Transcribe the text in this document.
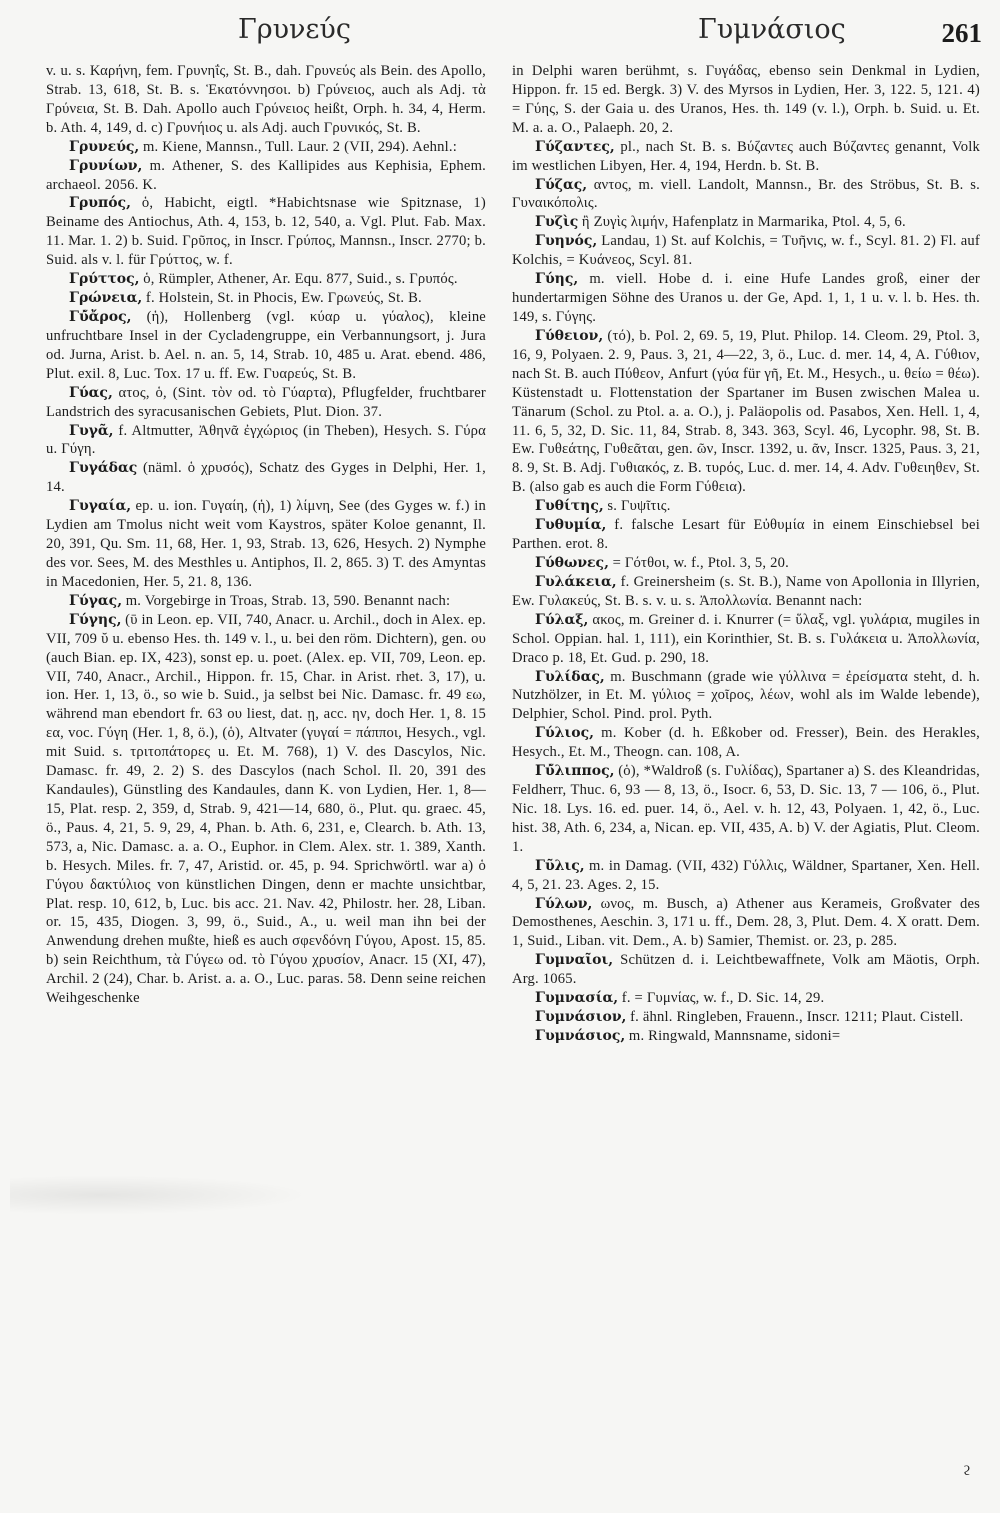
Γρυνεύς	Γυμνάσιος	261

v. u. s. Καρήνη, fem. Γρυνηΐς, St. B., dah. Γρυνεύς als Bein. des Apollo, Strab. 13, 618, St. B. s. Ἑκατόννησοι. b) Γρύνειος, auch als Adj. τὰ Γρύνεια, St. B. Dah. Apollo auch Γρύνειος heißt, Orph. h. 34, 4, Herm. b. Ath. 4, 149, d. c) Γρυνήιος u. als Adj. auch Γρυνικός, St. B.

Γρυνεύς, m. Kiene, Mannsn., Tull. Laur. 2 (VII, 294). Aehnl.:

Γρυνίων, m. Athener, S. des Kallipides aus Kephisia, Ephem. archaeol. 2056. K.

Γρυπός, ὁ, Habicht, eigtl. *Habichtsnase wie Spitznase, 1) Beiname des Antiochus, Ath. 4, 153, b. 12, 540, a. Vgl. Plut. Fab. Max. 11. Mar. 1. 2) b. Suid. Γρῦπος, in Inscr. Γρύπος, Mannsn., Inscr. 2770; b. Suid. als v. l. für Γρύττος, w. f.

Γρύττος, ὁ, Rümpler, Athener, Ar. Equ. 877, Suid., s. Γρυπός.

Γρώνεια, f. Holstein, St. in Phocis, Ew. Γρωνεύς, St. B.

Γύ̆ἄρος, (ἡ), Hollenberg (vgl. κύαρ u. γύαλος), kleine unfruchtbare Insel in der Cycladengruppe, ein Verbannungsort, j. Jura od. Jurna, Arist. b. Ael. n. an. 5, 14, Strab. 10, 485 u. Arat. ebend. 486, Plut. exil. 8, Luc. Tox. 17 u. ff. Ew. Γυαρεύς, St. B.

Γύας, ατος, ὁ, (Sint. τὸν od. τὸ Γύαρτα), Pflugfelder, fruchtbarer Landstrich des syracusanischen Gebiets, Plut. Dion. 37.

Γυγᾶ, f. Altmutter, Ἀθηνᾶ ἐγχώριος (in Theben), Hesych. S. Γύρα u. Γύγη.

Γυγάδας (näml. ὁ χρυσός), Schatz des Gyges in Delphi, Her. 1, 14.

Γυγαία, ep. u. ion. Γυγαίη, (ἡ), 1) λίμνη, See (des Gyges w. f.) in Lydien am Tmolus nicht weit vom Kaystros, später Koloe genannt, Il. 20, 391, Qu. Sm. 11, 68, Her. 1, 93, Strab. 13, 626, Hesych. 2) Nymphe des vor. Sees, M. des Mesthles u. Antiphos, Il. 2, 865. 3) T. des Amyntas in Macedonien, Her. 5, 21. 8, 136.

Γύγας, m. Vorgebirge in Troas, Strab. 13, 590. Benannt nach:

Γύγης, (ῡ in Leon. ep. VII, 740, Anacr. u. Archil., doch in Alex. ep. VII, 709 ῠ u. ebenso Hes. th. 149 v. l., u. bei den röm. Dichtern), gen. ου (auch Bian. ep. IX, 423), sonst ep. u. poet. (Alex. ep. VII, 709, Leon. ep. VII, 740, Anacr., Archil., Hippon. fr. 15, Char. in Arist. rhet. 3, 17), u. ion. Her. 1, 13, ö., so wie b. Suid., ja selbst bei Nic. Damasc. fr. 49 εω, während man ebendort fr. 63 ου liest, dat. ῃ, acc. ην, doch Her. 1, 8. 15 εα, voc. Γύγη (Her. 1, 8, ö.), (ὁ), Altvater (γυγαί = πάπποι, Hesych., vgl. mit Suid. s. τριτοπάτορες u. Et. M. 768), 1) V. des Dascylos, Nic. Damasc. fr. 49, 2. 2) S. des Dascylos (nach Schol. Il. 20, 391 des Kandaules), Günstling des Kandaules, dann K. von Lydien, Her. 1, 8—15, Plat. resp. 2, 359, d, Strab. 9, 421—14, 680, ö., Plut. qu. graec. 45, ö., Paus. 4, 21, 5. 9, 29, 4, Phan. b. Ath. 6, 231, e, Clearch. b. Ath. 13, 573, a, Nic. Damasc. a. a. O., Euphor. in Clem. Alex. str. 1. 389, Xanth. b. Hesych. Miles. fr. 7, 47, Aristid. or. 45, p. 94. Sprichwörtl. war a) ὁ Γύγου δακτύλιος von künstlichen Dingen, denn er machte unsichtbar, Plat. resp. 10, 612, b, Luc. bis acc. 21. Nav. 42, Philostr. her. 28, Liban. or. 15, 435, Diogen. 3, 99, ö., Suid., A., u. weil man ihn bei der Anwendung drehen mußte, hieß es auch σφενδόνη Γύγου, Apost. 15, 85. b) sein Reichthum, τὰ Γύγεω od. τὸ Γύγου χρυσίον, Anacr. 15 (XI, 47), Archil. 2 (24), Char. b. Arist. a. a. O., Luc. paras. 58. Denn seine reichen Weihgeschenke

in Delphi waren berühmt, s. Γυγάδας, ebenso sein Denkmal in Lydien, Hippon. fr. 15 ed. Bergk. 3) V. des Myrsos in Lydien, Her. 3, 122. 5, 121. 4) = Γύης, S. der Gaia u. des Uranos, Hes. th. 149 (v. l.), Orph. b. Suid. u. Et. M. a. a. O., Palaeph. 20, 2.

Γύζαντες, pl., nach St. B. s. Βύζαντες auch Βύζαντες genannt, Volk im westlichen Libyen, Her. 4, 194, Herdn. b. St. B.

Γύζας, αντος, m. viell. Landolt, Mannsn., Br. des Ströbus, St. B. s. Γυναικόπολις.

Γυζὶς ἢ Ζυγὶς λιμήν, Hafenplatz in Marmarika, Ptol. 4, 5, 6.

Γυηνός, Landau, 1) St. auf Kolchis, = Τυῆνις, w. f., Scyl. 81. 2) Fl. auf Kolchis, = Κυάνεος, Scyl. 81.

Γύης, m. viell. Hobe d. i. eine Hufe Landes groß, einer der hundertarmigen Söhne des Uranos u. der Ge, Apd. 1, 1, 1 u. v. l. b. Hes. th. 149, s. Γύγης.

Γύθειον, (τό), b. Pol. 2, 69. 5, 19, Plut. Philop. 14. Cleom. 29, Ptol. 3, 16, 9, Polyaen. 2. 9, Paus. 3, 21, 4—22, 3, ö., Luc. d. mer. 14, 4, A. Γύθιον, nach St. B. auch Πύθεον, Anfurt (γύα für γῆ, Et. M., Hesych., u. θείω = θέω). Küstenstadt u. Flottenstation der Spartaner im Busen zwischen Malea u. Tänarum (Schol. zu Ptol. a. a. O.), j. Paläopolis od. Pasabos, Xen. Hell. 1, 4, 11. 6, 5, 32, D. Sic. 11, 84, Strab. 8, 343. 363, Scyl. 46, Lycophr. 98, St. B. Ew. Γυθεάτης, Γυθεᾶται, gen. ῶν, Inscr. 1392, u. ᾶν, Inscr. 1325, Paus. 3, 21, 8. 9, St. B. Adj. Γυθιακός, z. B. τυρός, Luc. d. mer. 14, 4. Adv. Γυθειηθεν, St. B. (also gab es auch die Form Γύθεια).

Γυθίτης, s. Γυψῖτις.

Γυθυμία, f. falsche Lesart für Εὐθυμία in einem Einschiebsel bei Parthen. erot. 8.

Γύθωνες, = Γότθοι, w. f., Ptol. 3, 5, 20.

Γυλάκεια, f. Greinersheim (s. St. B.), Name von Apollonia in Illyrien, Ew. Γυλακεύς, St. B. s. v. u. s. Ἀπολλωνία. Benannt nach:

Γύλαξ, ακος, m. Greiner d. i. Knurrer (= ὕλαξ, vgl. γυλάρια, mugiles in Schol. Oppian. hal. 1, 111), ein Korinthier, St. B. s. Γυλάκεια u. Ἀπολλωνία, Draco p. 18, Et. Gud. p. 290, 18.

Γυλίδας, m. Buschmann (grade wie γύλλινα = ἐρείσματα steht, d. h. Nutzhölzer, in Et. M. γύλιος = χοῖρος, λέων, wohl als im Walde lebende), Delphier, Schol. Pind. prol. Pyth.

Γύλιος, m. Kober (d. h. Eßkober od. Fresser), Bein. des Herakles, Hesych., Et. M., Theogn. can. 108, A.

Γύ̆λιππος, (ὁ), *Waldroß (s. Γυλίδας), Spartaner a) S. des Kleandridas, Feldherr, Thuc. 6, 93 — 8, 13, ö., Isocr. 6, 53, D. Sic. 13, 7 — 106, ö., Plut. Nic. 18. Lys. 16. ed. puer. 14, ö., Ael. v. h. 12, 43, Polyaen. 1, 42, ö., Luc. hist. 38, Ath. 6, 234, a, Nican. ep. VII, 435, A. b) V. der Agiatis, Plut. Cleom. 1.

Γῦλις, m. in Damag. (VII, 432) Γύλλις, Wäldner, Spartaner, Xen. Hell. 4, 5, 21. 23. Ages. 2, 15.

Γύλων, ωνος, m. Busch, a) Athener aus Kerameis, Großvater des Demosthenes, Aeschin. 3, 171 u. ff., Dem. 28, 3, Plut. Dem. 4. X oratt. Dem. 1, Suid., Liban. vit. Dem., A. b) Samier, Themist. or. 23, p. 285.

Γυμναῖοι, Schützen d. i. Leichtbewaffnete, Volk am Mäotis, Orph. Arg. 1065.

Γυμνασία, f. = Γυμνίας, w. f., D. Sic. 14, 29.

Γυμνάσιον, f. ähnl. Ringleben, Frauenn., Inscr. 1211; Plaut. Cistell.

Γυμνάσιος, m. Ringwald, Mannsname, sidoni=

ϩ
